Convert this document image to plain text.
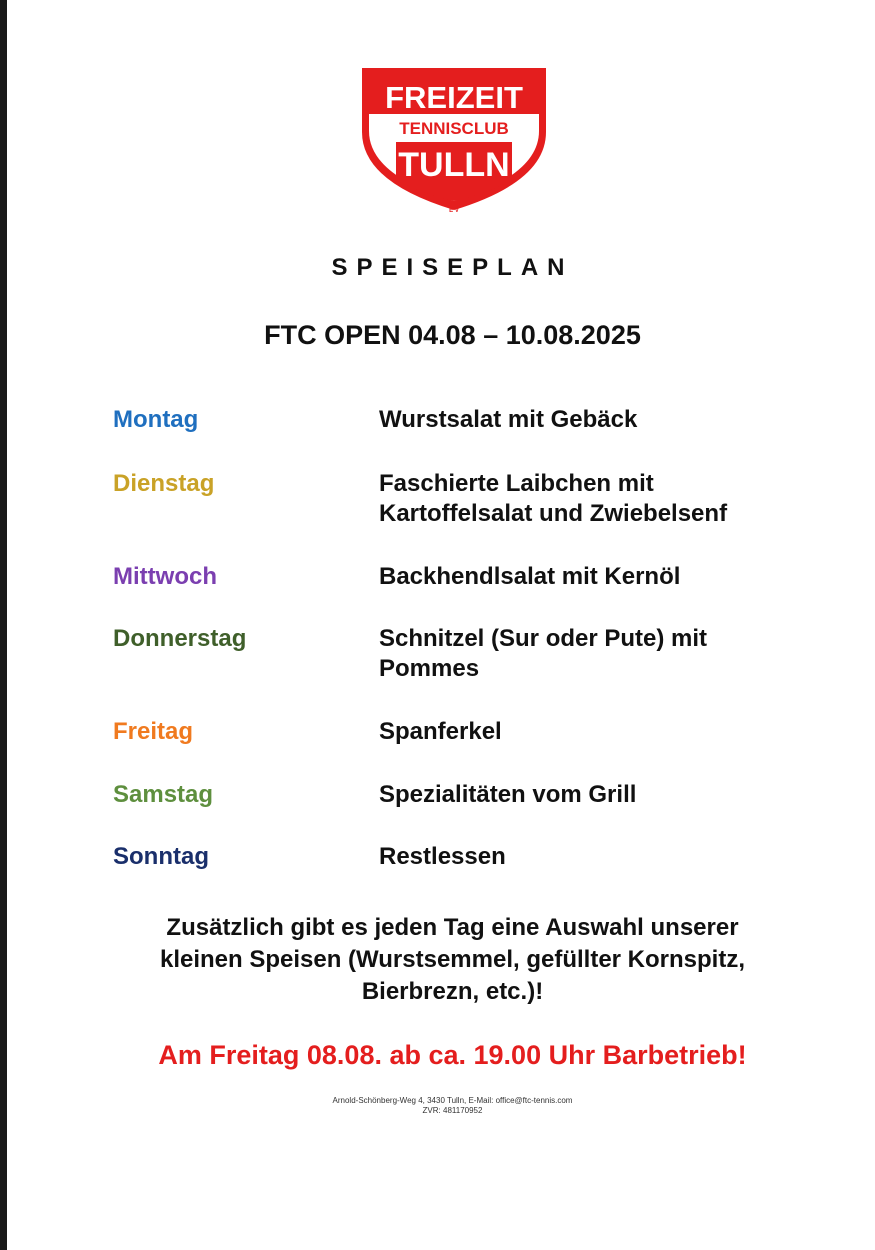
FREIZEIT
TENNISCLUB
TULLN
E V
SPEISEPLAN
FTC OPEN 04.08 – 10.08.2025
Montag	Wurstsalat mit Gebäck
Dienstag	Faschierte Laibchen mit
Kartoffelsalat und Zwiebelsenf
Mittwoch	Backhendlsalat mit Kernöl
Donnerstag	Schnitzel (Sur oder Pute) mit
Pommes
Freitag	Spanferkel
Samstag	Spezialitäten vom Grill
Sonntag	Restlessen
Zusätzlich gibt es jeden Tag eine Auswahl unserer
kleinen Speisen (Wurstsemmel, gefüllter Kornspitz,
Bierbrezn, etc.)!
Am Freitag 08.08. ab ca. 19.00 Uhr Barbetrieb!
Arnold-Schönberg-Weg 4, 3430 Tulln, E-Mail: office@ftc-tennis.com
ZVR: 481170952
